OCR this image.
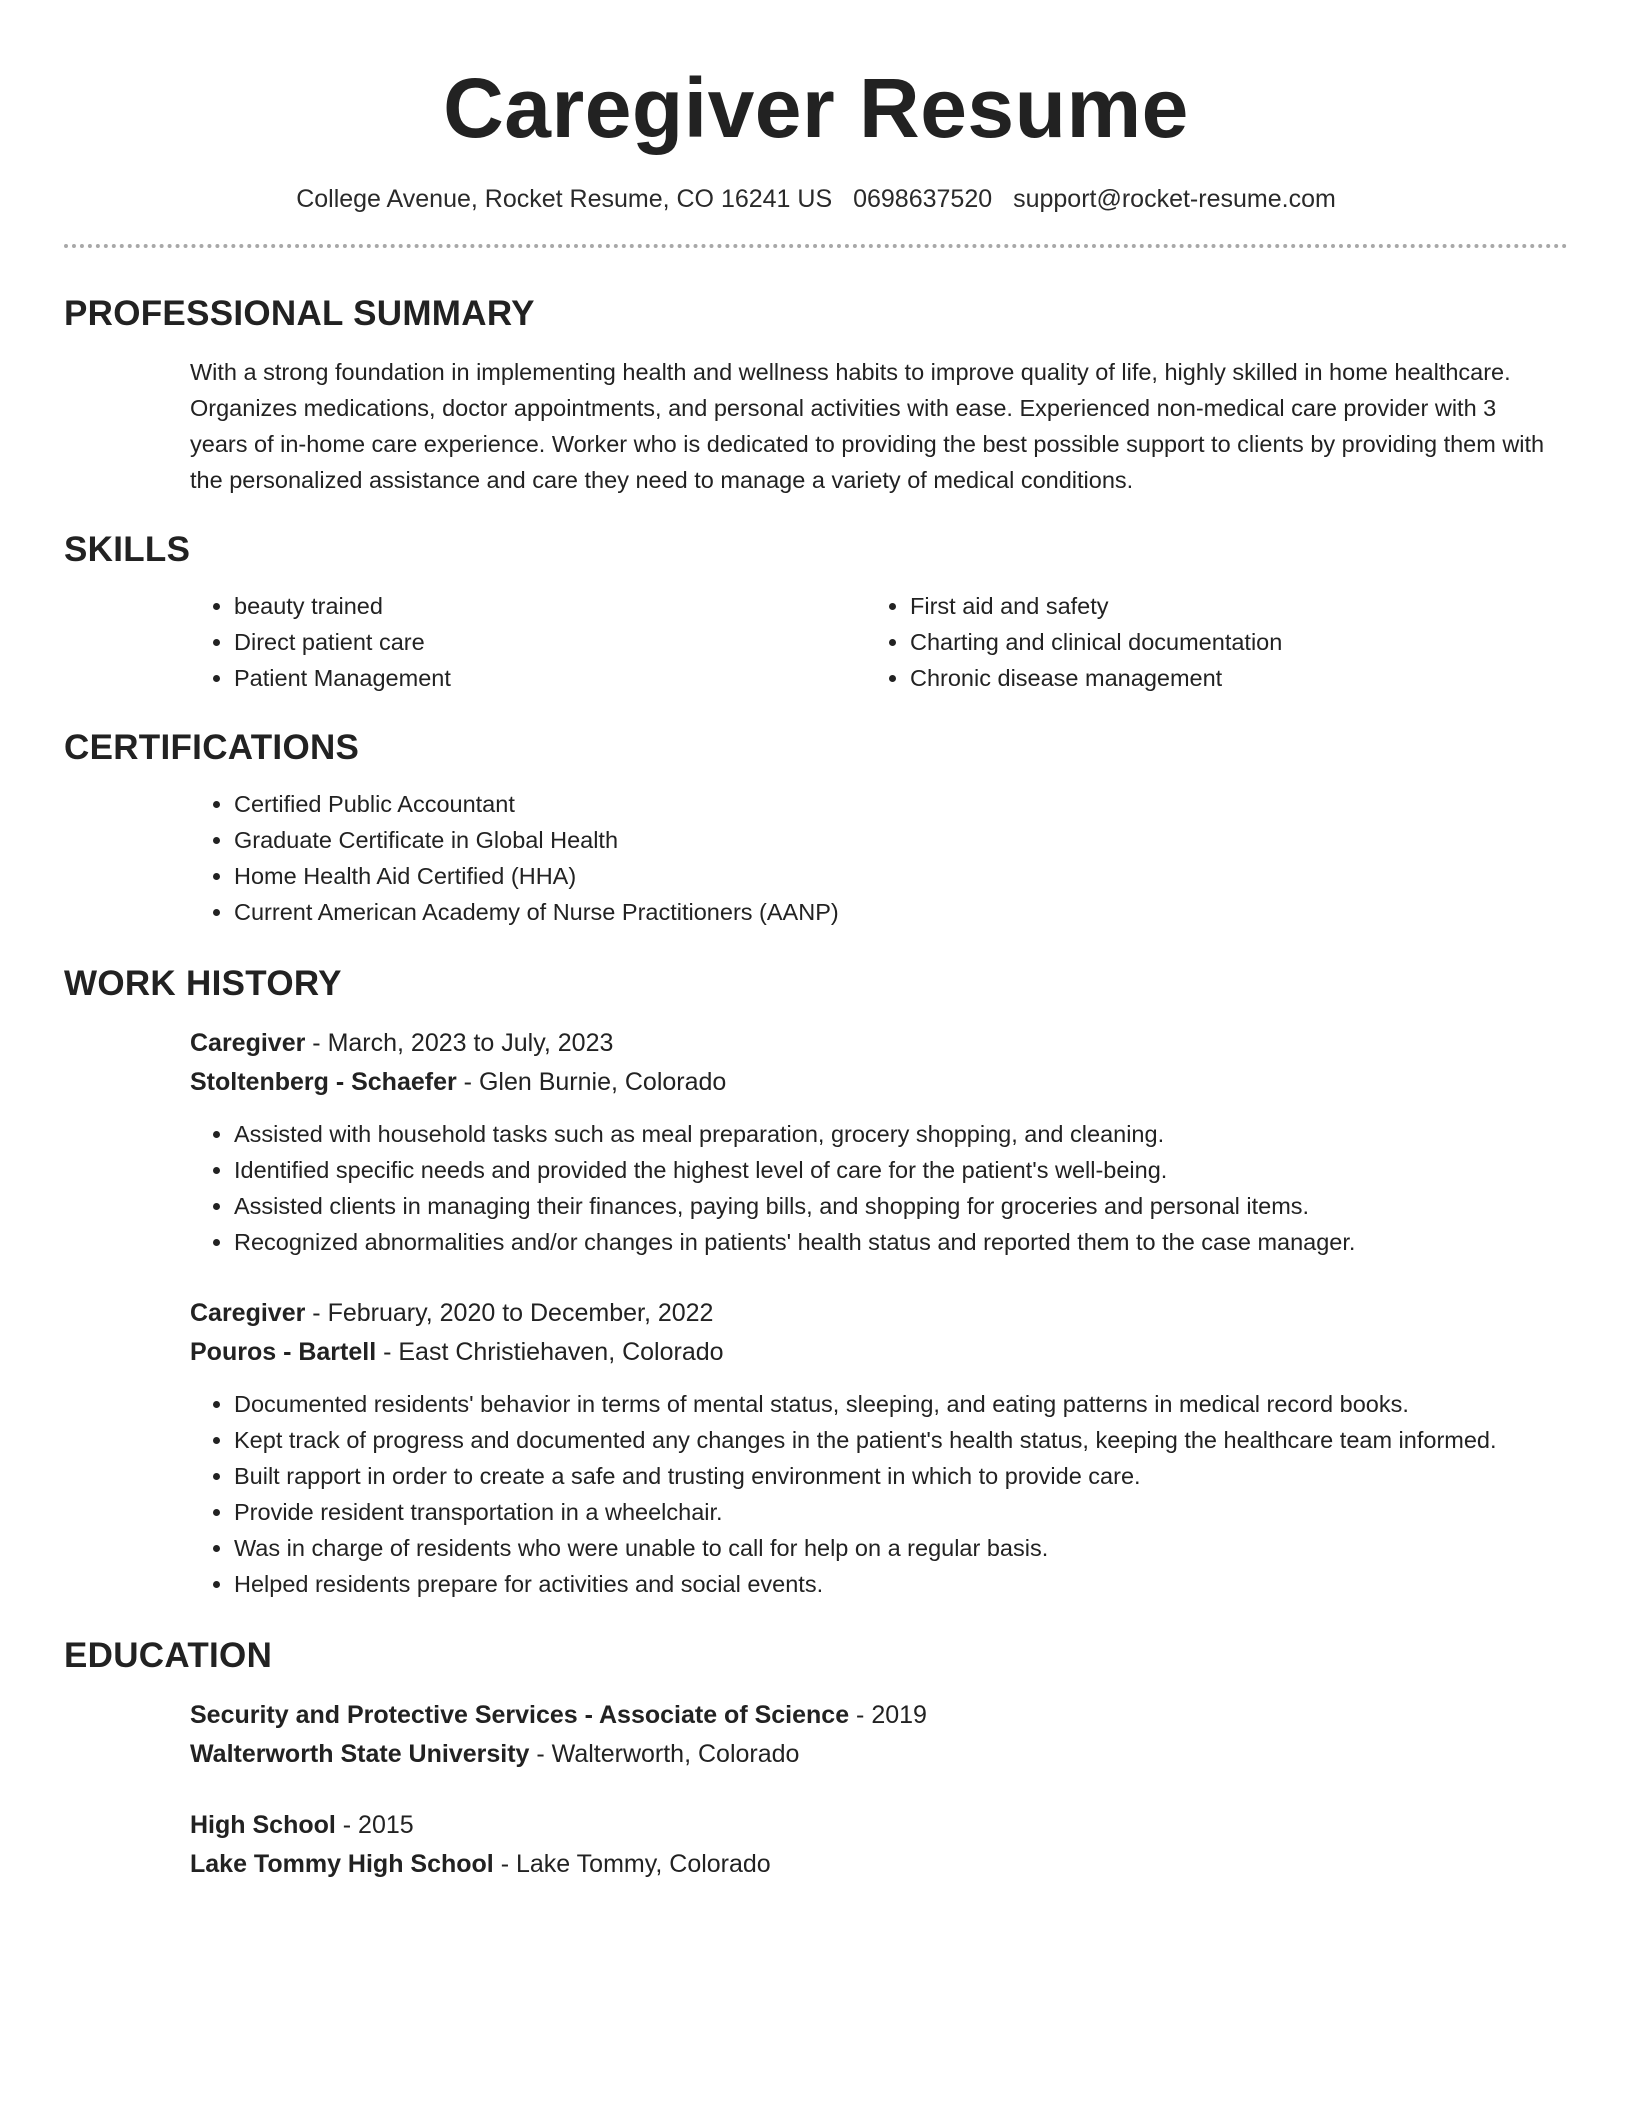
Caregiver Resume
College Avenue, Rocket Resume, CO 16241 US 0698637520 support@rocket-resume.com
PROFESSIONAL SUMMARY

With a strong foundation in implementing health and wellness habits to improve quality of life, highly skilled in home healthcare. Organizes medications, doctor appointments, and personal activities with ease. Experienced non-medical care provider with 3 years of in-home care experience. Worker who is dedicated to providing the best possible support to clients by providing them with the personalized assistance and care they need to manage a variety of medical conditions.

SKILLS
• beauty trained
• Direct patient care
• Patient Management
• First aid and safety
• Charting and clinical documentation
• Chronic disease management
CERTIFICATIONS
• Certified Public Accountant
• Graduate Certificate in Global Health
• Home Health Aid Certified (HHA)
• Current American Academy of Nurse Practitioners (AANP)
WORK HISTORY
Caregiver - March, 2023 to July, 2023
Stoltenberg - Schaefer - Glen Burnie, Colorado
• Assisted with household tasks such as meal preparation, grocery shopping, and cleaning.
• Identified specific needs and provided the highest level of care for the patient's well-being.
• Assisted clients in managing their finances, paying bills, and shopping for groceries and personal items.
• Recognized abnormalities and/or changes in patients' health status and reported them to the case manager.
Caregiver - February, 2020 to December, 2022
Pouros - Bartell - East Christiehaven, Colorado
• Documented residents' behavior in terms of mental status, sleeping, and eating patterns in medical record books.
• Kept track of progress and documented any changes in the patient's health status, keeping the healthcare team informed.
• Built rapport in order to create a safe and trusting environment in which to provide care.
• Provide resident transportation in a wheelchair.
• Was in charge of residents who were unable to call for help on a regular basis.
• Helped residents prepare for activities and social events.
EDUCATION
Security and Protective Services - Associate of Science - 2019
Walterworth State University - Walterworth, Colorado
High School - 2015
Lake Tommy High School - Lake Tommy, Colorado
